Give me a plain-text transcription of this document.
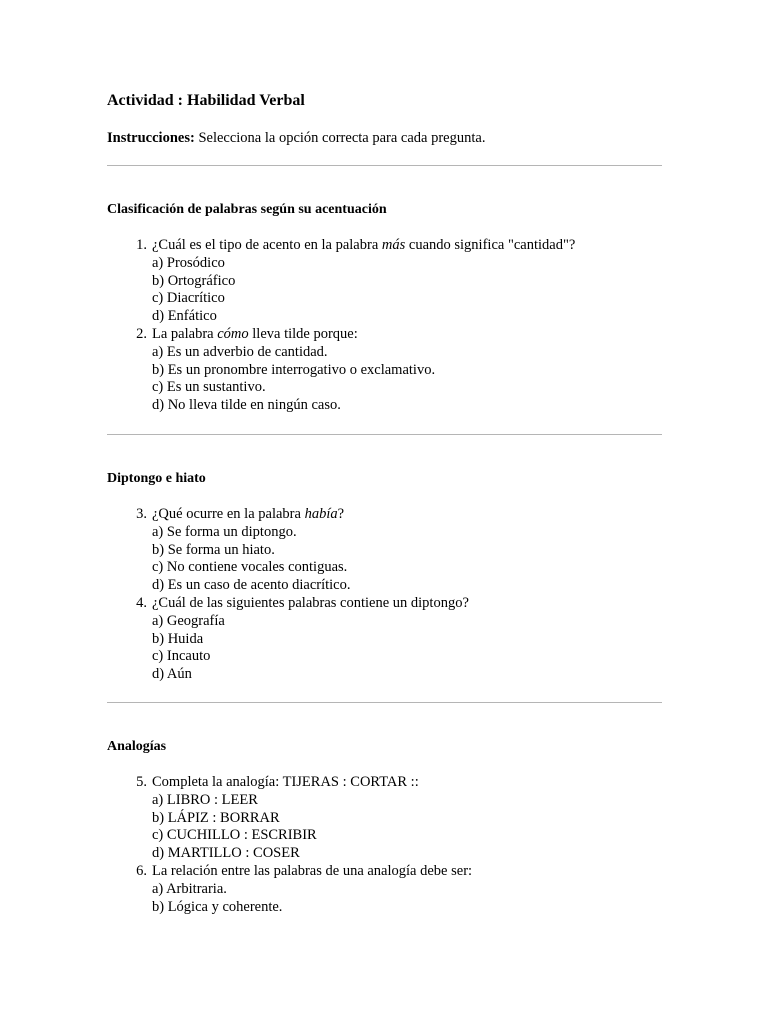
Actividad : Habilidad Verbal
Instrucciones: Selecciona la opción correcta para cada pregunta.
Clasificación de palabras según su acentuación
1. ¿Cuál es el tipo de acento en la palabra más cuando significa "cantidad"?
a) Prosódico
b) Ortográfico
c) Diacrítico
d) Enfático
2. La palabra cómo lleva tilde porque:
a) Es un adverbio de cantidad.
b) Es un pronombre interrogativo o exclamativo.
c) Es un sustantivo.
d) No lleva tilde en ningún caso.
Diptongo e hiato
3. ¿Qué ocurre en la palabra había?
a) Se forma un diptongo.
b) Se forma un hiato.
c) No contiene vocales contiguas.
d) Es un caso de acento diacrítico.
4. ¿Cuál de las siguientes palabras contiene un diptongo?
a) Geografía
b) Huida
c) Incauto
d) Aún
Analogías
5. Completa la analogía: TIJERAS : CORTAR ::
a) LIBRO : LEER
b) LÁPIZ : BORRAR
c) CUCHILLO : ESCRIBIR
d) MARTILLO : COSER
6. La relación entre las palabras de una analogía debe ser:
a) Arbitraria.
b) Lógica y coherente.
